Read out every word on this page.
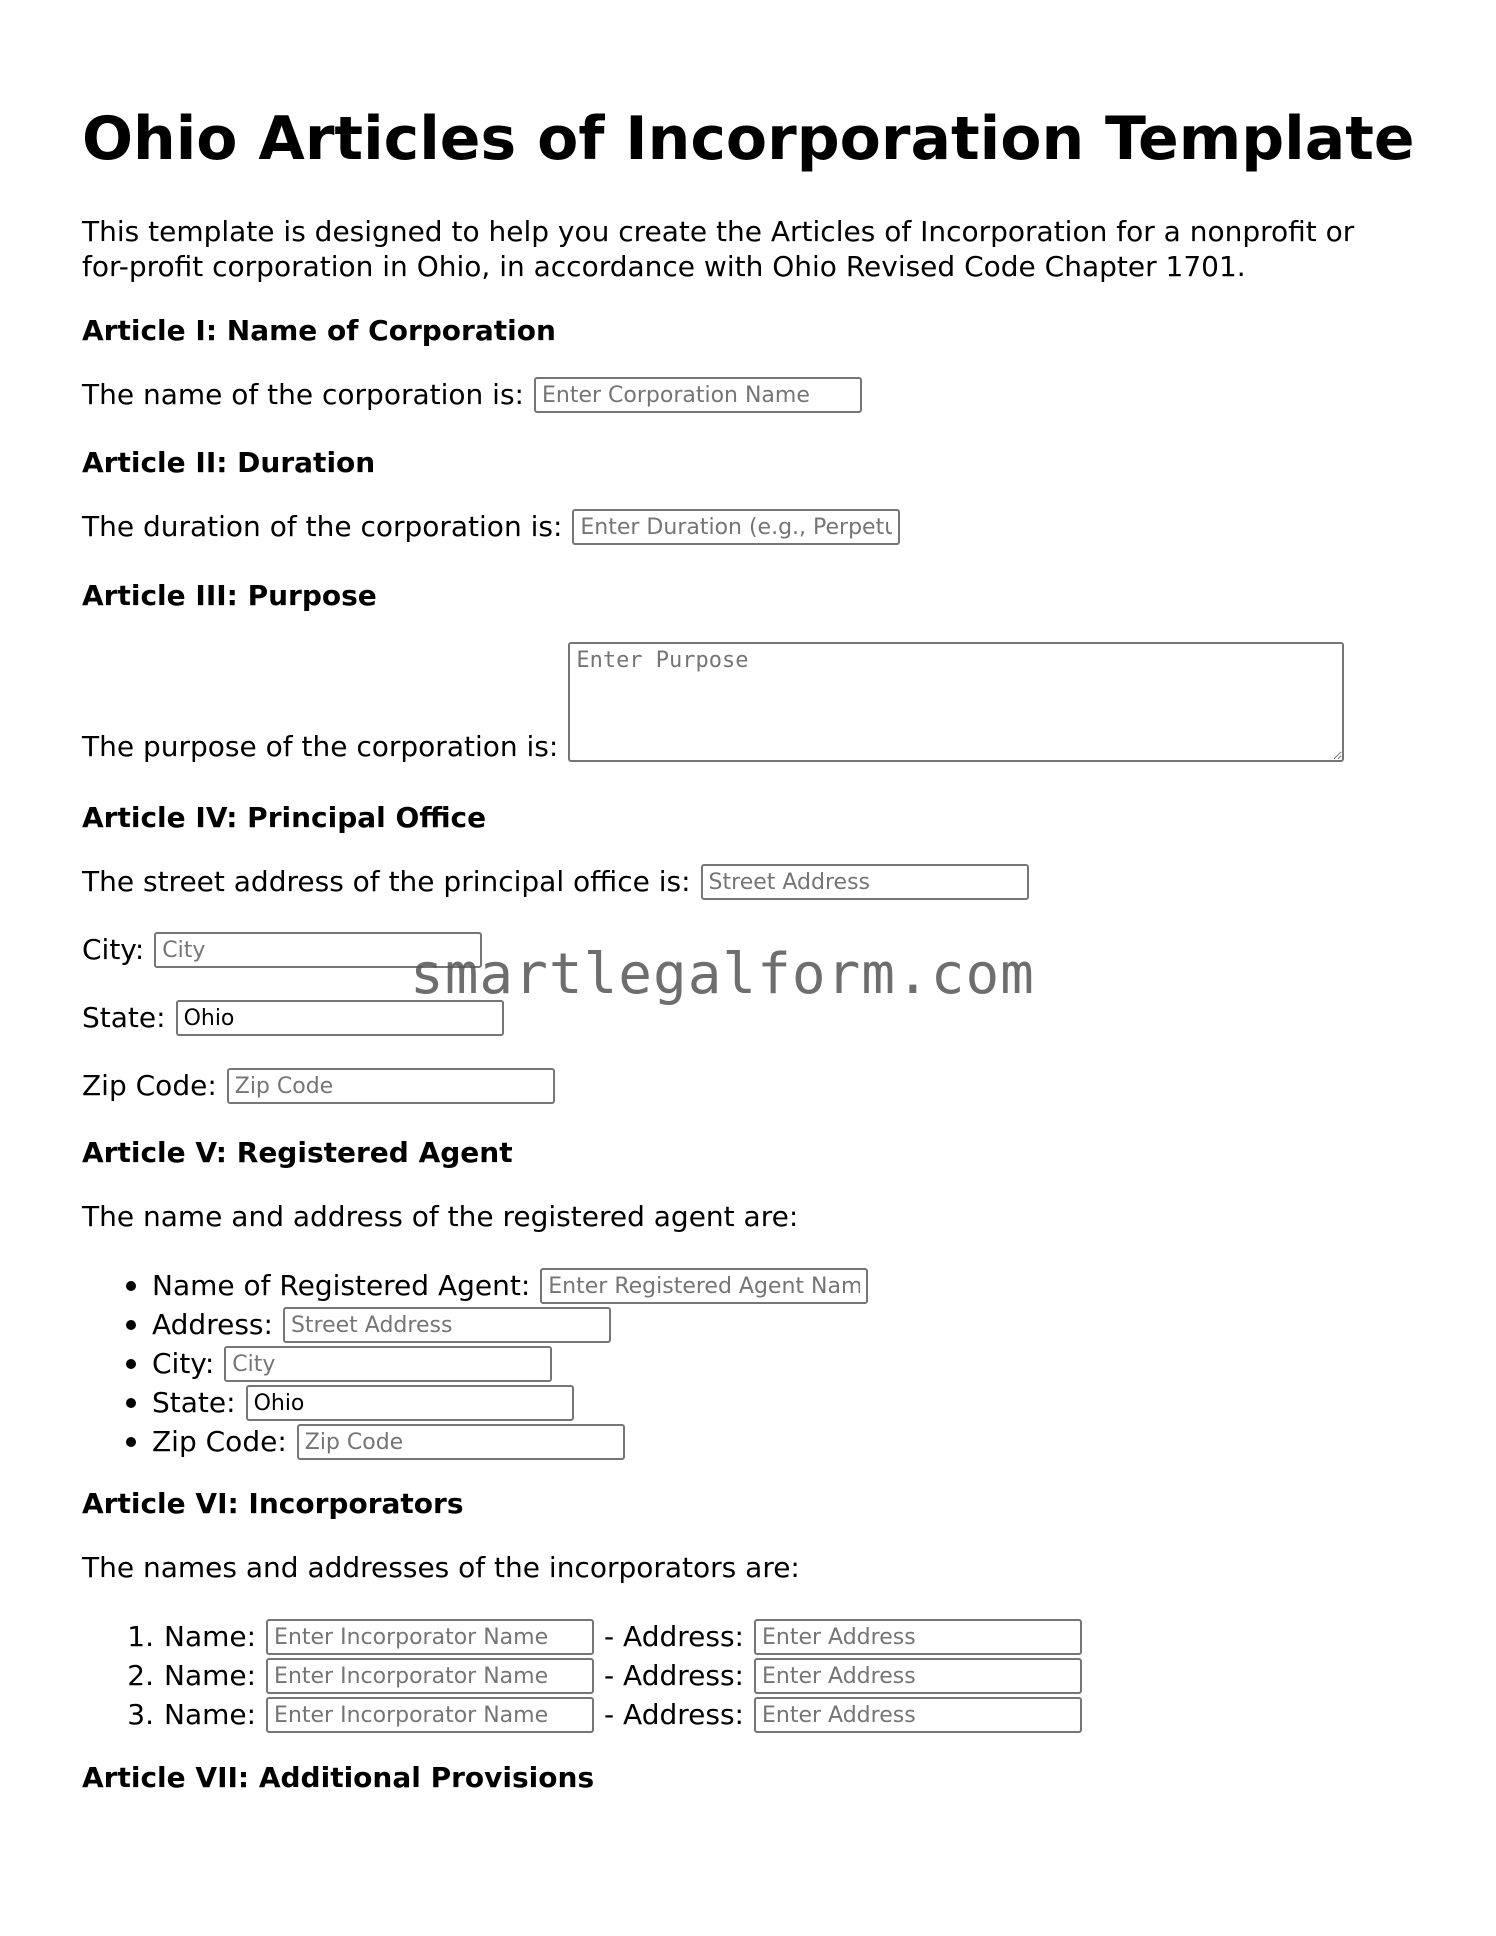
Ohio Articles of Incorporation Template

This template is designed to help you create the Articles of Incorporation for a nonprofit or
for-profit corporation in Ohio, in accordance with Ohio Revised Code Chapter 1701.

Article I: Name of Corporation
The name of the corporation is:
Enter Corporation Name
Article II: Duration
The duration of the corporation is:
Enter Duration (e.g., Perpetual)
Article III: Purpose
The purpose of the corporation is:
Enter Purpose
Article IV: Principal Office
The street address of the principal office is:
Street Address
City:
City
State:
Ohio
Zip Code:
Zip Code
Article V: Registered Agent
The name and address of the registered agent are:
Name of Registered Agent:
Enter Registered Agent Name
Address:
Street Address
City:
City
State:
Ohio
Zip Code:
Zip Code
Article VI: Incorporators
The names and addresses of the incorporators are:
1. Name:
Enter Incorporator Name	- Address:
Enter Address
2. Name:
Enter Incorporator Name	- Address:
Enter Address
3. Name:
Enter Incorporator Name	- Address:
Enter Address
Article VII: Additional Provisions
smartlegalform.com
